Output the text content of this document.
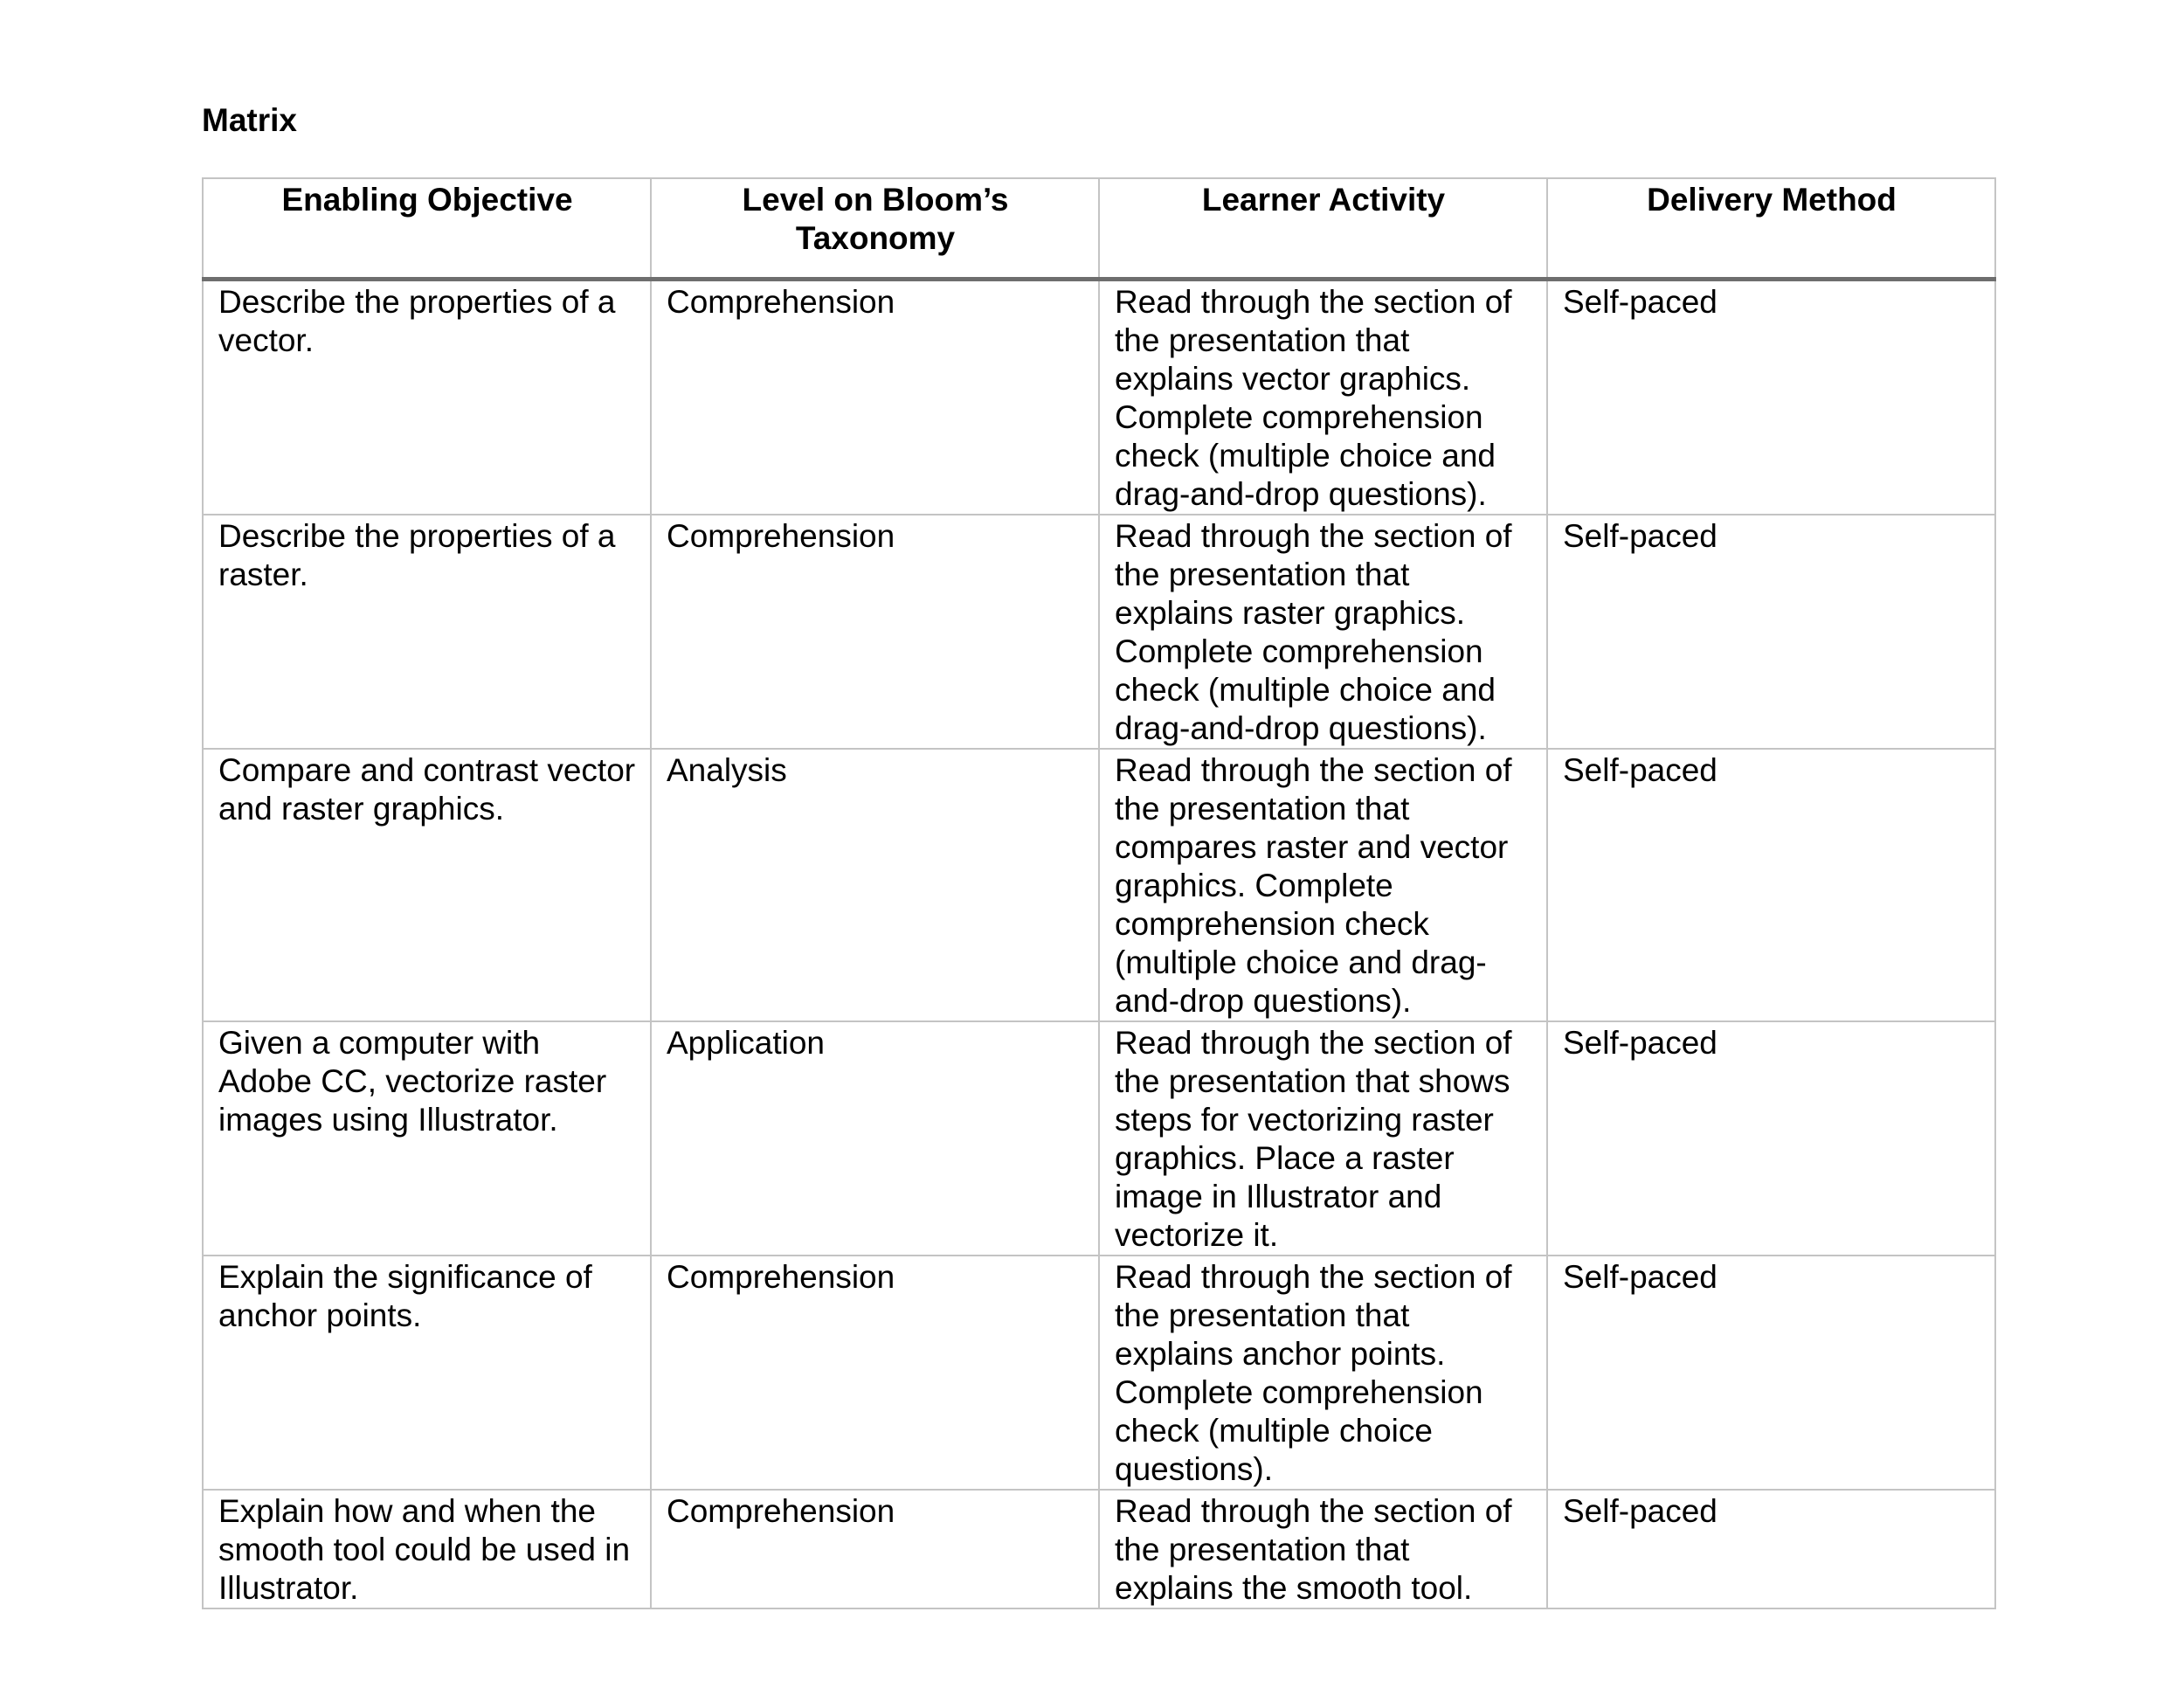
Matrix
Enabling Objective	Level on Bloom’s Taxonomy	Learner Activity	Delivery Method
Describe the properties of a vector.	Comprehension	Read through the section of the presentation that explains vector graphics. Complete comprehension check (multiple choice and drag-and-drop questions).	Self-paced
Describe the properties of a raster.	Comprehension	Read through the section of the presentation that explains raster graphics. Complete comprehension check (multiple choice and drag-and-drop questions).	Self-paced
Compare and contrast vector and raster graphics.	Analysis	Read through the section of the presentation that compares raster and vector graphics. Complete comprehension check (multiple choice and drag-and-drop questions).	Self-paced
Given a computer with Adobe CC, vectorize raster images using Illustrator.	Application	Read through the section of the presentation that shows steps for vectorizing raster graphics. Place a raster image in Illustrator and vectorize it.	Self-paced
Explain the significance of anchor points.	Comprehension	Read through the section of the presentation that explains anchor points. Complete comprehension check (multiple choice questions).	Self-paced
Explain how and when the smooth tool could be used in Illustrator.	Comprehension	Read through the section of the presentation that explains the smooth tool.	Self-paced
